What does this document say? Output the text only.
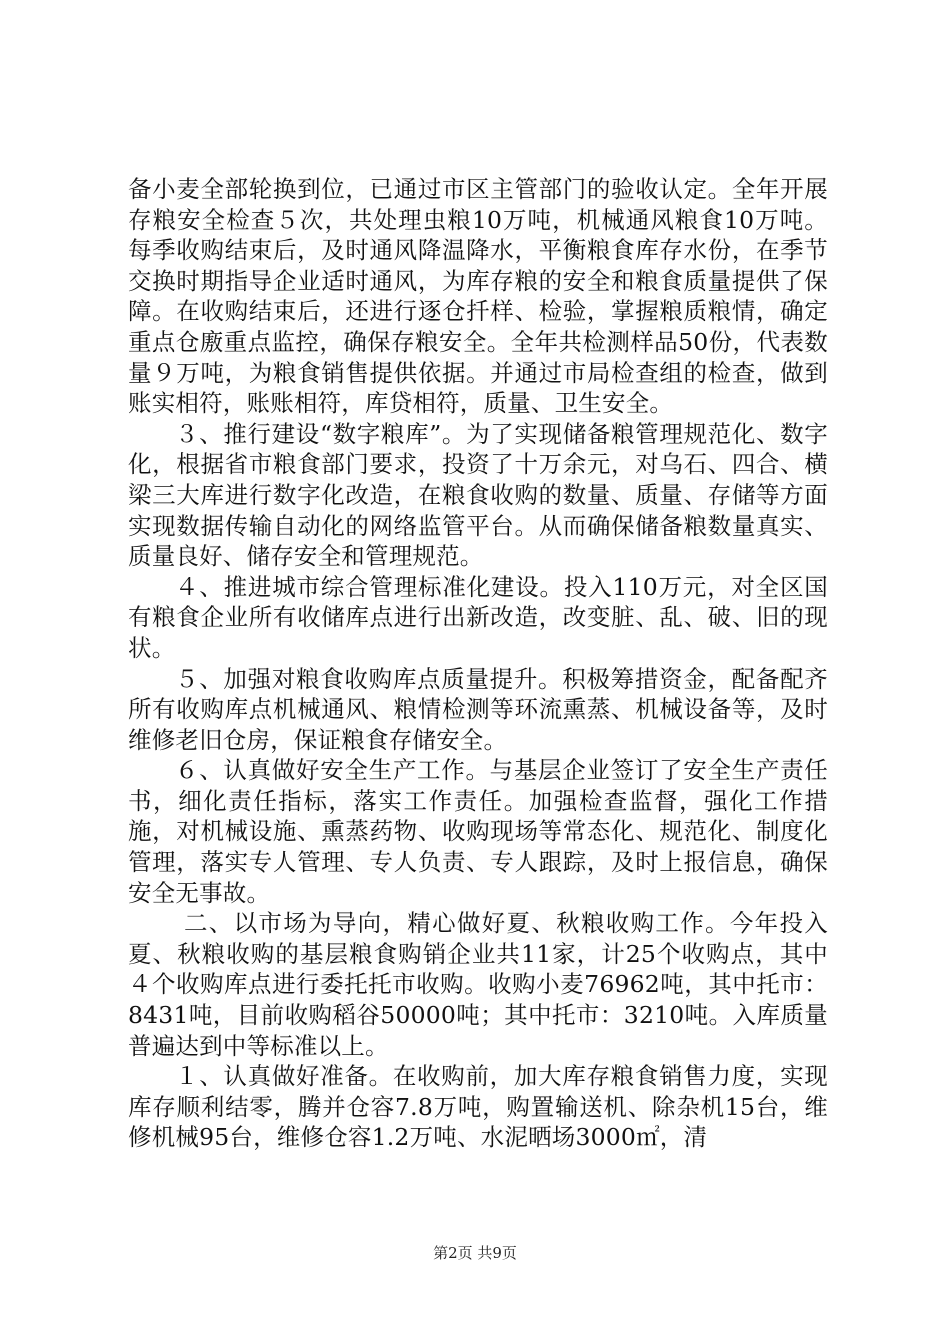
备小麦全部轮换到位，已通过市区主管部门的验收认定。全年开展存粮安全检查５次，共处理虫粮10万吨，机械通风粮食10万吨。每季收购结束后，及时通风降温降水，平衡粮食库存水份，在季节交换时期指导企业适时通风，为库存粮的安全和粮食质量提供了保障。在收购结束后，还进行逐仓扦样、检验，掌握粮质粮情，确定重点仓廒重点监控，确保存粮安全。全年共检测样品50份，代表数量９万吨，为粮食销售提供依据。并通过市局检查组的检查，做到账实相符，账账相符，库贷相符，质量、卫生安全。

３、推行建设“数字粮库”。为了实现储备粮管理规范化、数字化，根据省市粮食部门要求，投资了十万余元，对乌石、四合、横梁三大库进行数字化改造，在粮食收购的数量、质量、存储等方面实现数据传输自动化的网络监管平台。从而确保储备粮数量真实、质量良好、储存安全和管理规范。

４、推进城市综合管理标准化建设。投入110万元，对全区国有粮食企业所有收储库点进行出新改造，改变脏、乱、破、旧的现状。

５、加强对粮食收购库点质量提升。积极筹措资金，配备配齐所有收购库点机械通风、粮情检测等环流熏蒸、机械设备等，及时维修老旧仓房，保证粮食存储安全。

６、认真做好安全生产工作。与基层企业签订了安全生产责任书，细化责任指标，落实工作责任。加强检查监督，强化工作措施，对机械设施、熏蒸药物、收购现场等常态化、规范化、制度化管理，落实专人管理、专人负责、专人跟踪，及时上报信息，确保安全无事故。

二、以市场为导向，精心做好夏、秋粮收购工作。今年投入夏、秋粮收购的基层粮食购销企业共11家，计25个收购点，其中４个收购库点进行委托托市收购。收购小麦76962吨，其中托市：8431吨，目前收购稻谷50000吨；其中托市：3210吨。入库质量普遍达到中等标准以上。

１、认真做好准备。在收购前，加大库存粮食销售力度，实现库存顺利结零，腾并仓容7.8万吨，购置输送机、除杂机15台，维修机械95台，维修仓容1.2万吨、水泥晒场3000㎡，清

第2页 共9页
